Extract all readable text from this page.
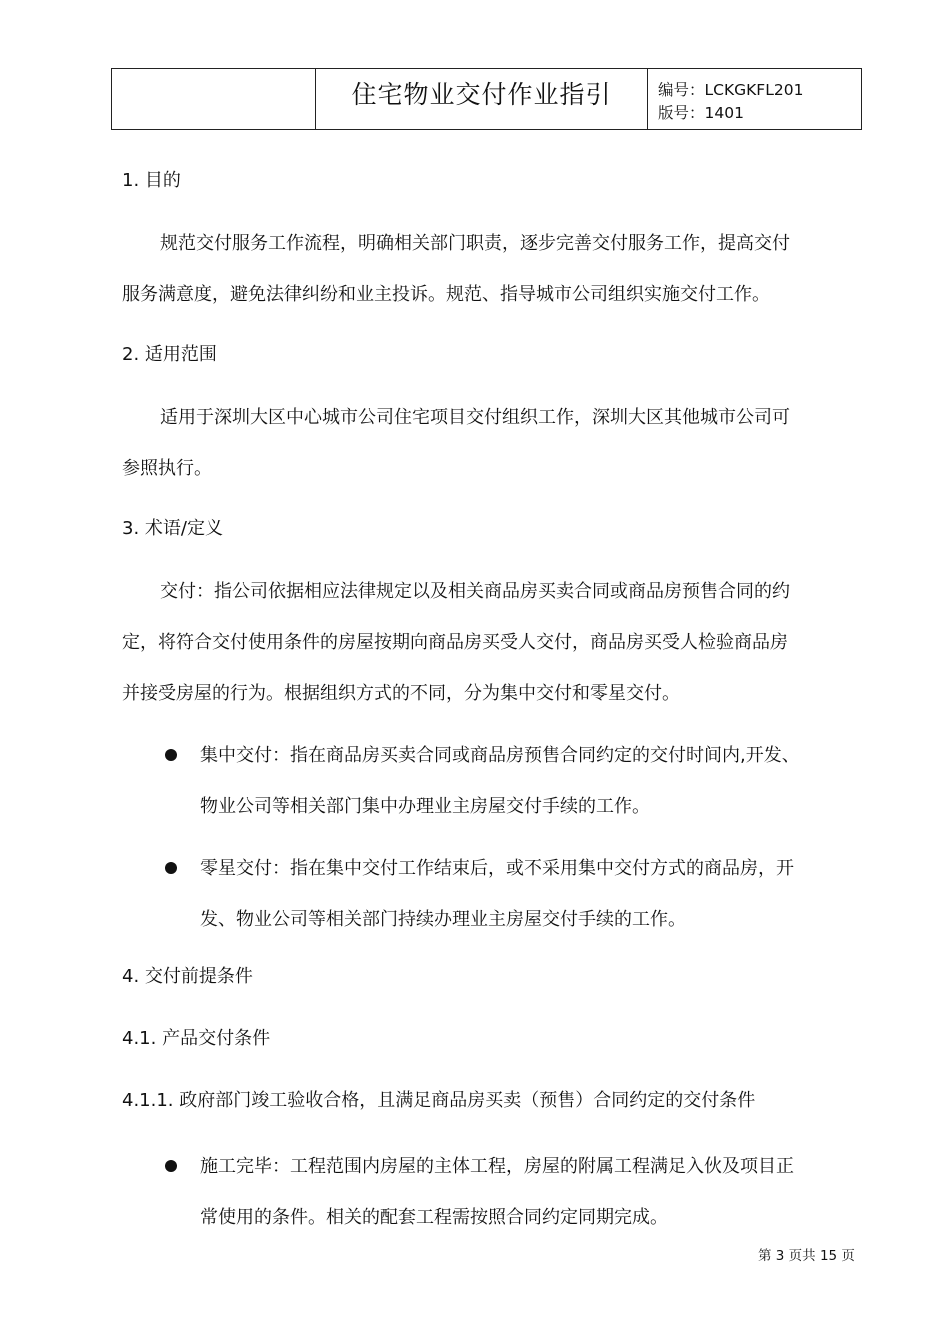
住宅物业交付作业指引	编号：LCKGKFL201
版号：1401
1. 目的
规范交付服务工作流程，明确相关部门职责，逐步完善交付服务工作，提高交付
服务满意度，避免法律纠纷和业主投诉。规范、指导城市公司组织实施交付工作。
2. 适用范围
适用于深圳大区中心城市公司住宅项目交付组织工作，深圳大区其他城市公司可
参照执行。
3. 术语/定义
交付：指公司依据相应法律规定以及相关商品房买卖合同或商品房预售合同的约
定，将符合交付使用条件的房屋按期向商品房买受人交付，商品房买受人检验商品房
并接受房屋的行为。根据组织方式的不同，分为集中交付和零星交付。
集中交付：指在商品房买卖合同或商品房预售合同约定的交付时间内,开发、
物业公司等相关部门集中办理业主房屋交付手续的工作。
零星交付：指在集中交付工作结束后，或不采用集中交付方式的商品房，开
发、物业公司等相关部门持续办理业主房屋交付手续的工作。
4. 交付前提条件
4.1. 产品交付条件
4.1.1. 政府部门竣工验收合格，且满足商品房买卖（预售）合同约定的交付条件
施工完毕：工程范围内房屋的主体工程，房屋的附属工程满足入伙及项目正
常使用的条件。相关的配套工程需按照合同约定同期完成。
第 3 页共 15 页
